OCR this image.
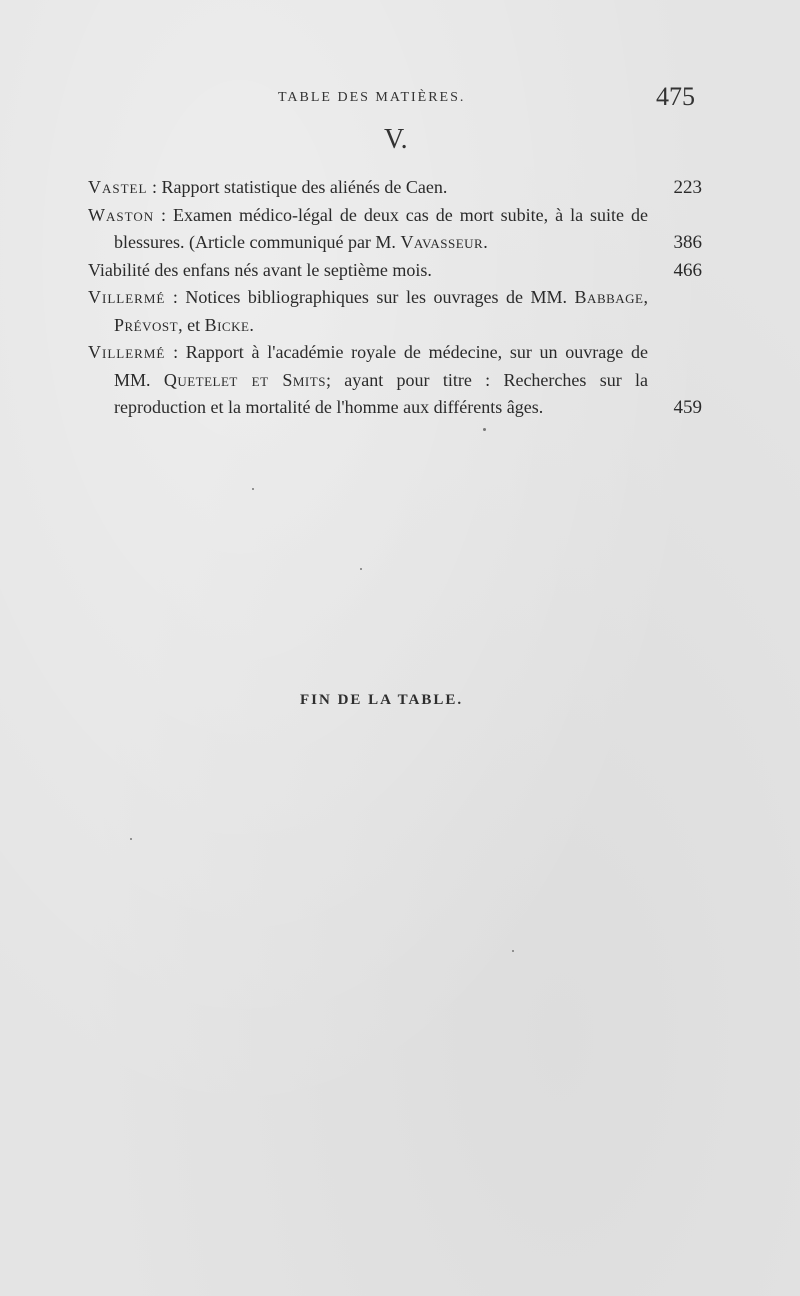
TABLE DES MATIÈRES.	475
V.
Vastel : Rapport statistique des aliénés de Caen.	223
Waston : Examen médico-légal de deux cas de mort subite, à la suite de blessures. (Article communiqué par M. Vavasseur.	386
Viabilité des enfans nés avant le septième mois.	466
Villermé : Notices bibliographiques sur les ouvrages de MM. Babbage, Prévost, et Bicke.
Villermé : Rapport à l'académie royale de médecine, sur un ouvrage de MM. Quetelet et Smits; ayant pour titre : Recherches sur la reproduction et la mortalité de l'homme aux différents âges.	459
FIN DE LA TABLE.
